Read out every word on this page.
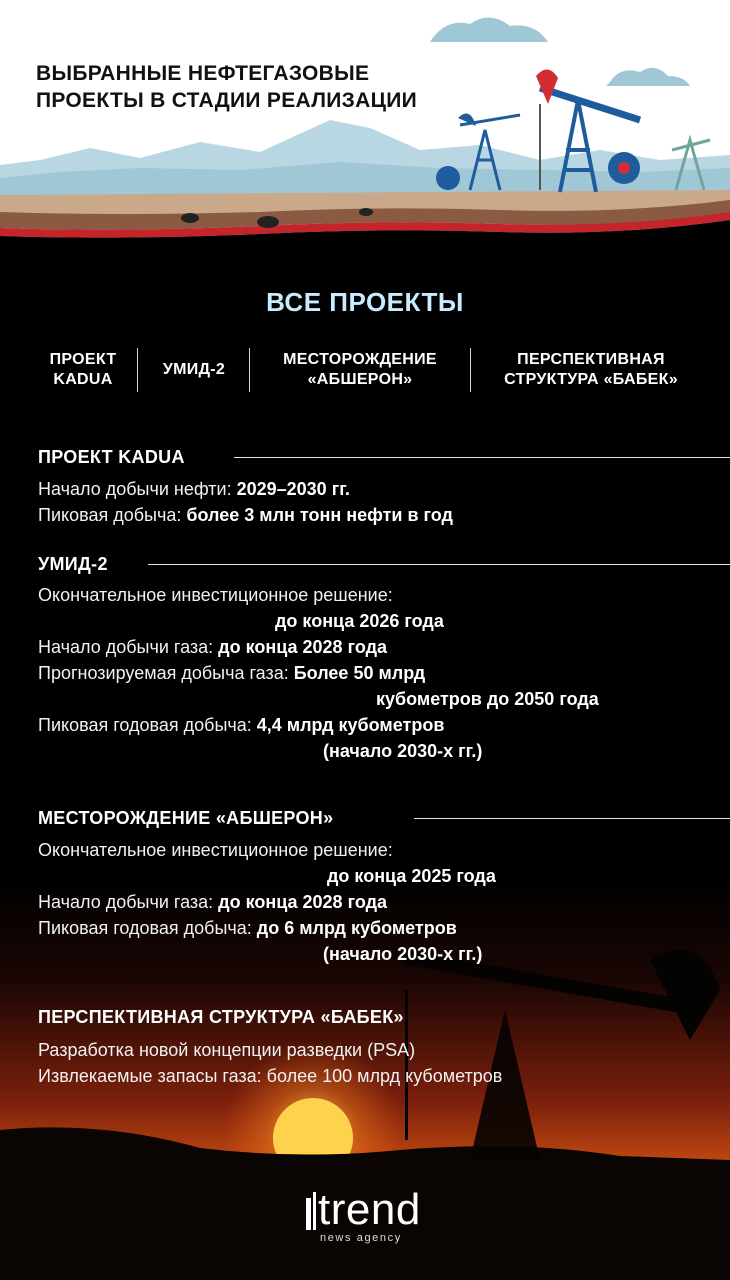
ВЫБРАННЫЕ НЕФТЕГАЗОВЫЕ
ПРОЕКТЫ В СТАДИИ РЕАЛИЗАЦИИ
ВСЕ ПРОЕКТЫ
ПРОЕКТ
KADUA
УМИД-2
МЕСТОРОЖДЕНИЕ
«АБШЕРОН»
ПЕРСПЕКТИВНАЯ
СТРУКТУРА «БАБЕК»
ПРОЕКТ KADUA
Начало добычи нефти: 2029–2030 гг.
Пиковая добыча: более 3 млн тонн нефти в год
УМИД-2
Окончательное инвестиционное решение:
до конца 2026 года
Начало добычи газа: до конца 2028 года
Прогнозируемая добыча газа: Более 50 млрд
кубометров до 2050 года
Пиковая годовая добыча: 4,4 млрд кубометров
(начало 2030-х гг.)
МЕСТОРОЖДЕНИЕ «АБШЕРОН»
Окончательное инвестиционное решение:
до конца 2025 года
Начало добычи газа: до конца 2028 года
Пиковая годовая добыча: до 6 млрд кубометров
(начало 2030-х гг.)
ПЕРСПЕКТИВНАЯ СТРУКТУРА «БАБЕК»
Разработка новой концепции разведки (PSA)
Извлекаемые запасы газа: более 100 млрд кубометров
trend
news agency
